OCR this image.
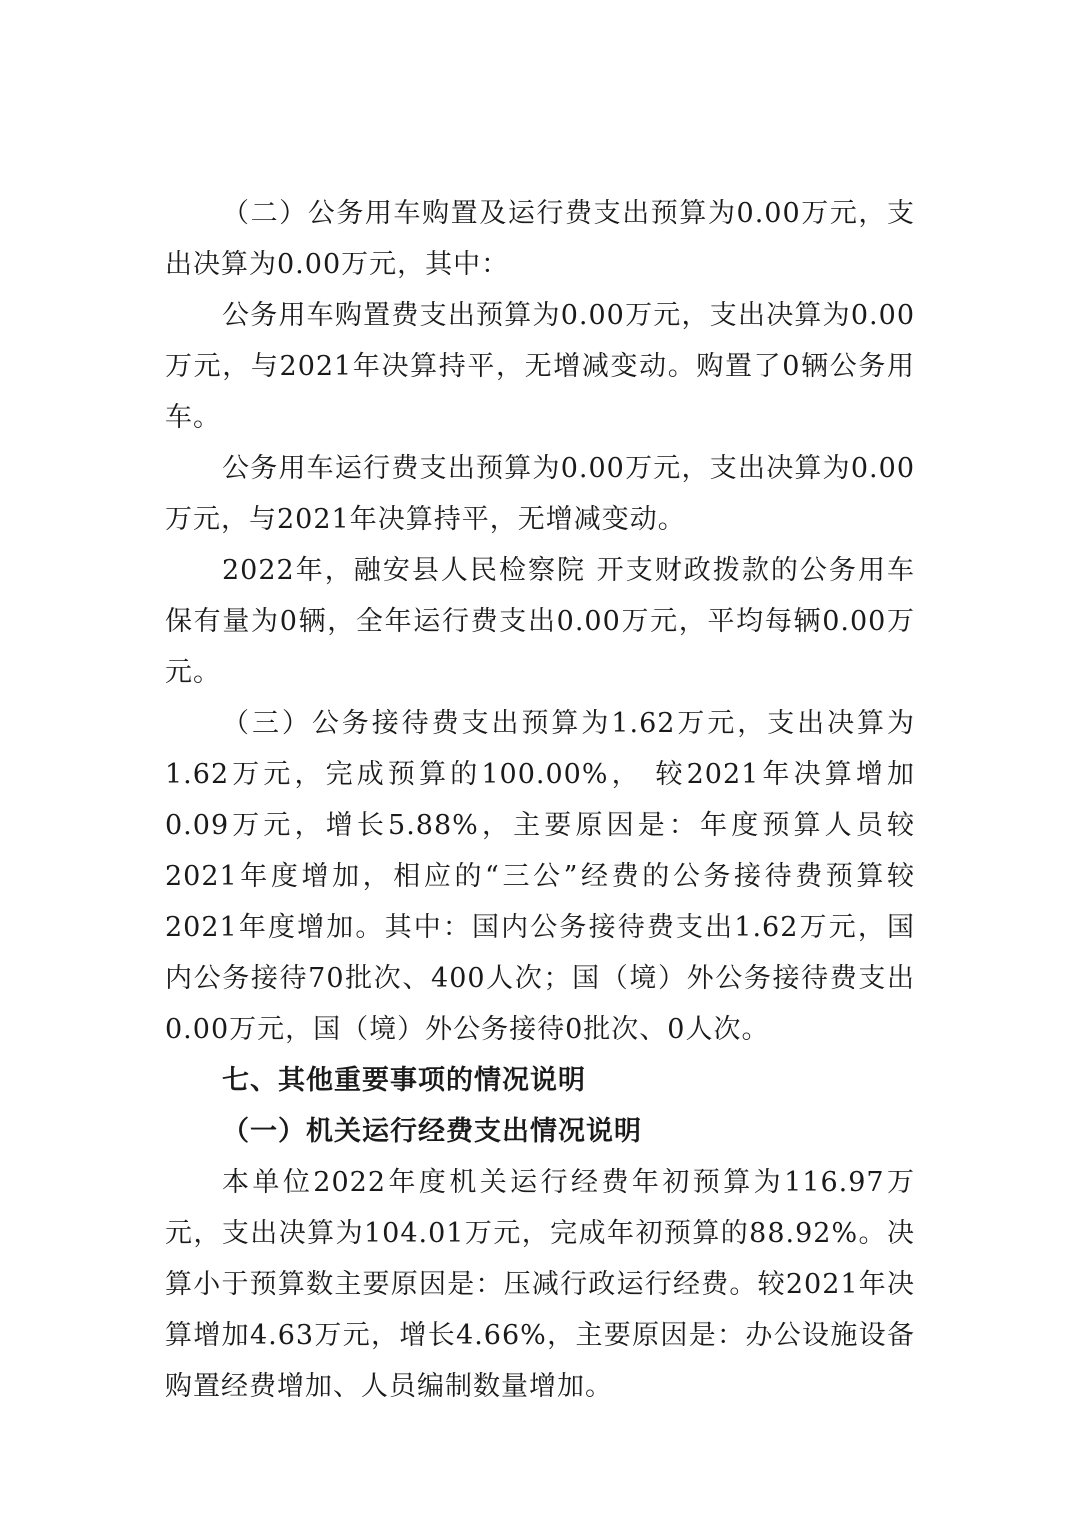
（二）公务用车购置及运行费支出预算为0.00万元，支出决算为0.00万元，其中：

公务用车购置费支出预算为0.00万元，支出决算为0.00万元，与2021年决算持平，无增减变动。购置了0辆公务用车。

公务用车运行费支出预算为0.00万元，支出决算为0.00万元，与2021年决算持平，无增减变动。

2022年，融安县人民检察院 开支财政拨款的公务用车保有量为0辆，全年运行费支出0.00万元，平均每辆0.00万元。

（三）公务接待费支出预算为1.62万元，支出决算为1.62万元，完成预算的100.00%， 较2021年决算增加0.09万元，增长5.88%，主要原因是：年度预算人员较2021年度增加，相应的“三公”经费的公务接待费预算较2021年度增加。其中：国内公务接待费支出1.62万元，国内公务接待70批次、400人次；国（境）外公务接待费支出0.00万元，国（境）外公务接待0批次、0人次。

七、其他重要事项的情况说明

（一）机关运行经费支出情况说明

本单位2022年度机关运行经费年初预算为116.97万元，支出决算为104.01万元，完成年初预算的88.92%。决算小于预算数主要原因是：压减行政运行经费。较2021年决算增加4.63万元，增长4.66%，主要原因是：办公设施设备购置经费增加、人员编制数量增加。
